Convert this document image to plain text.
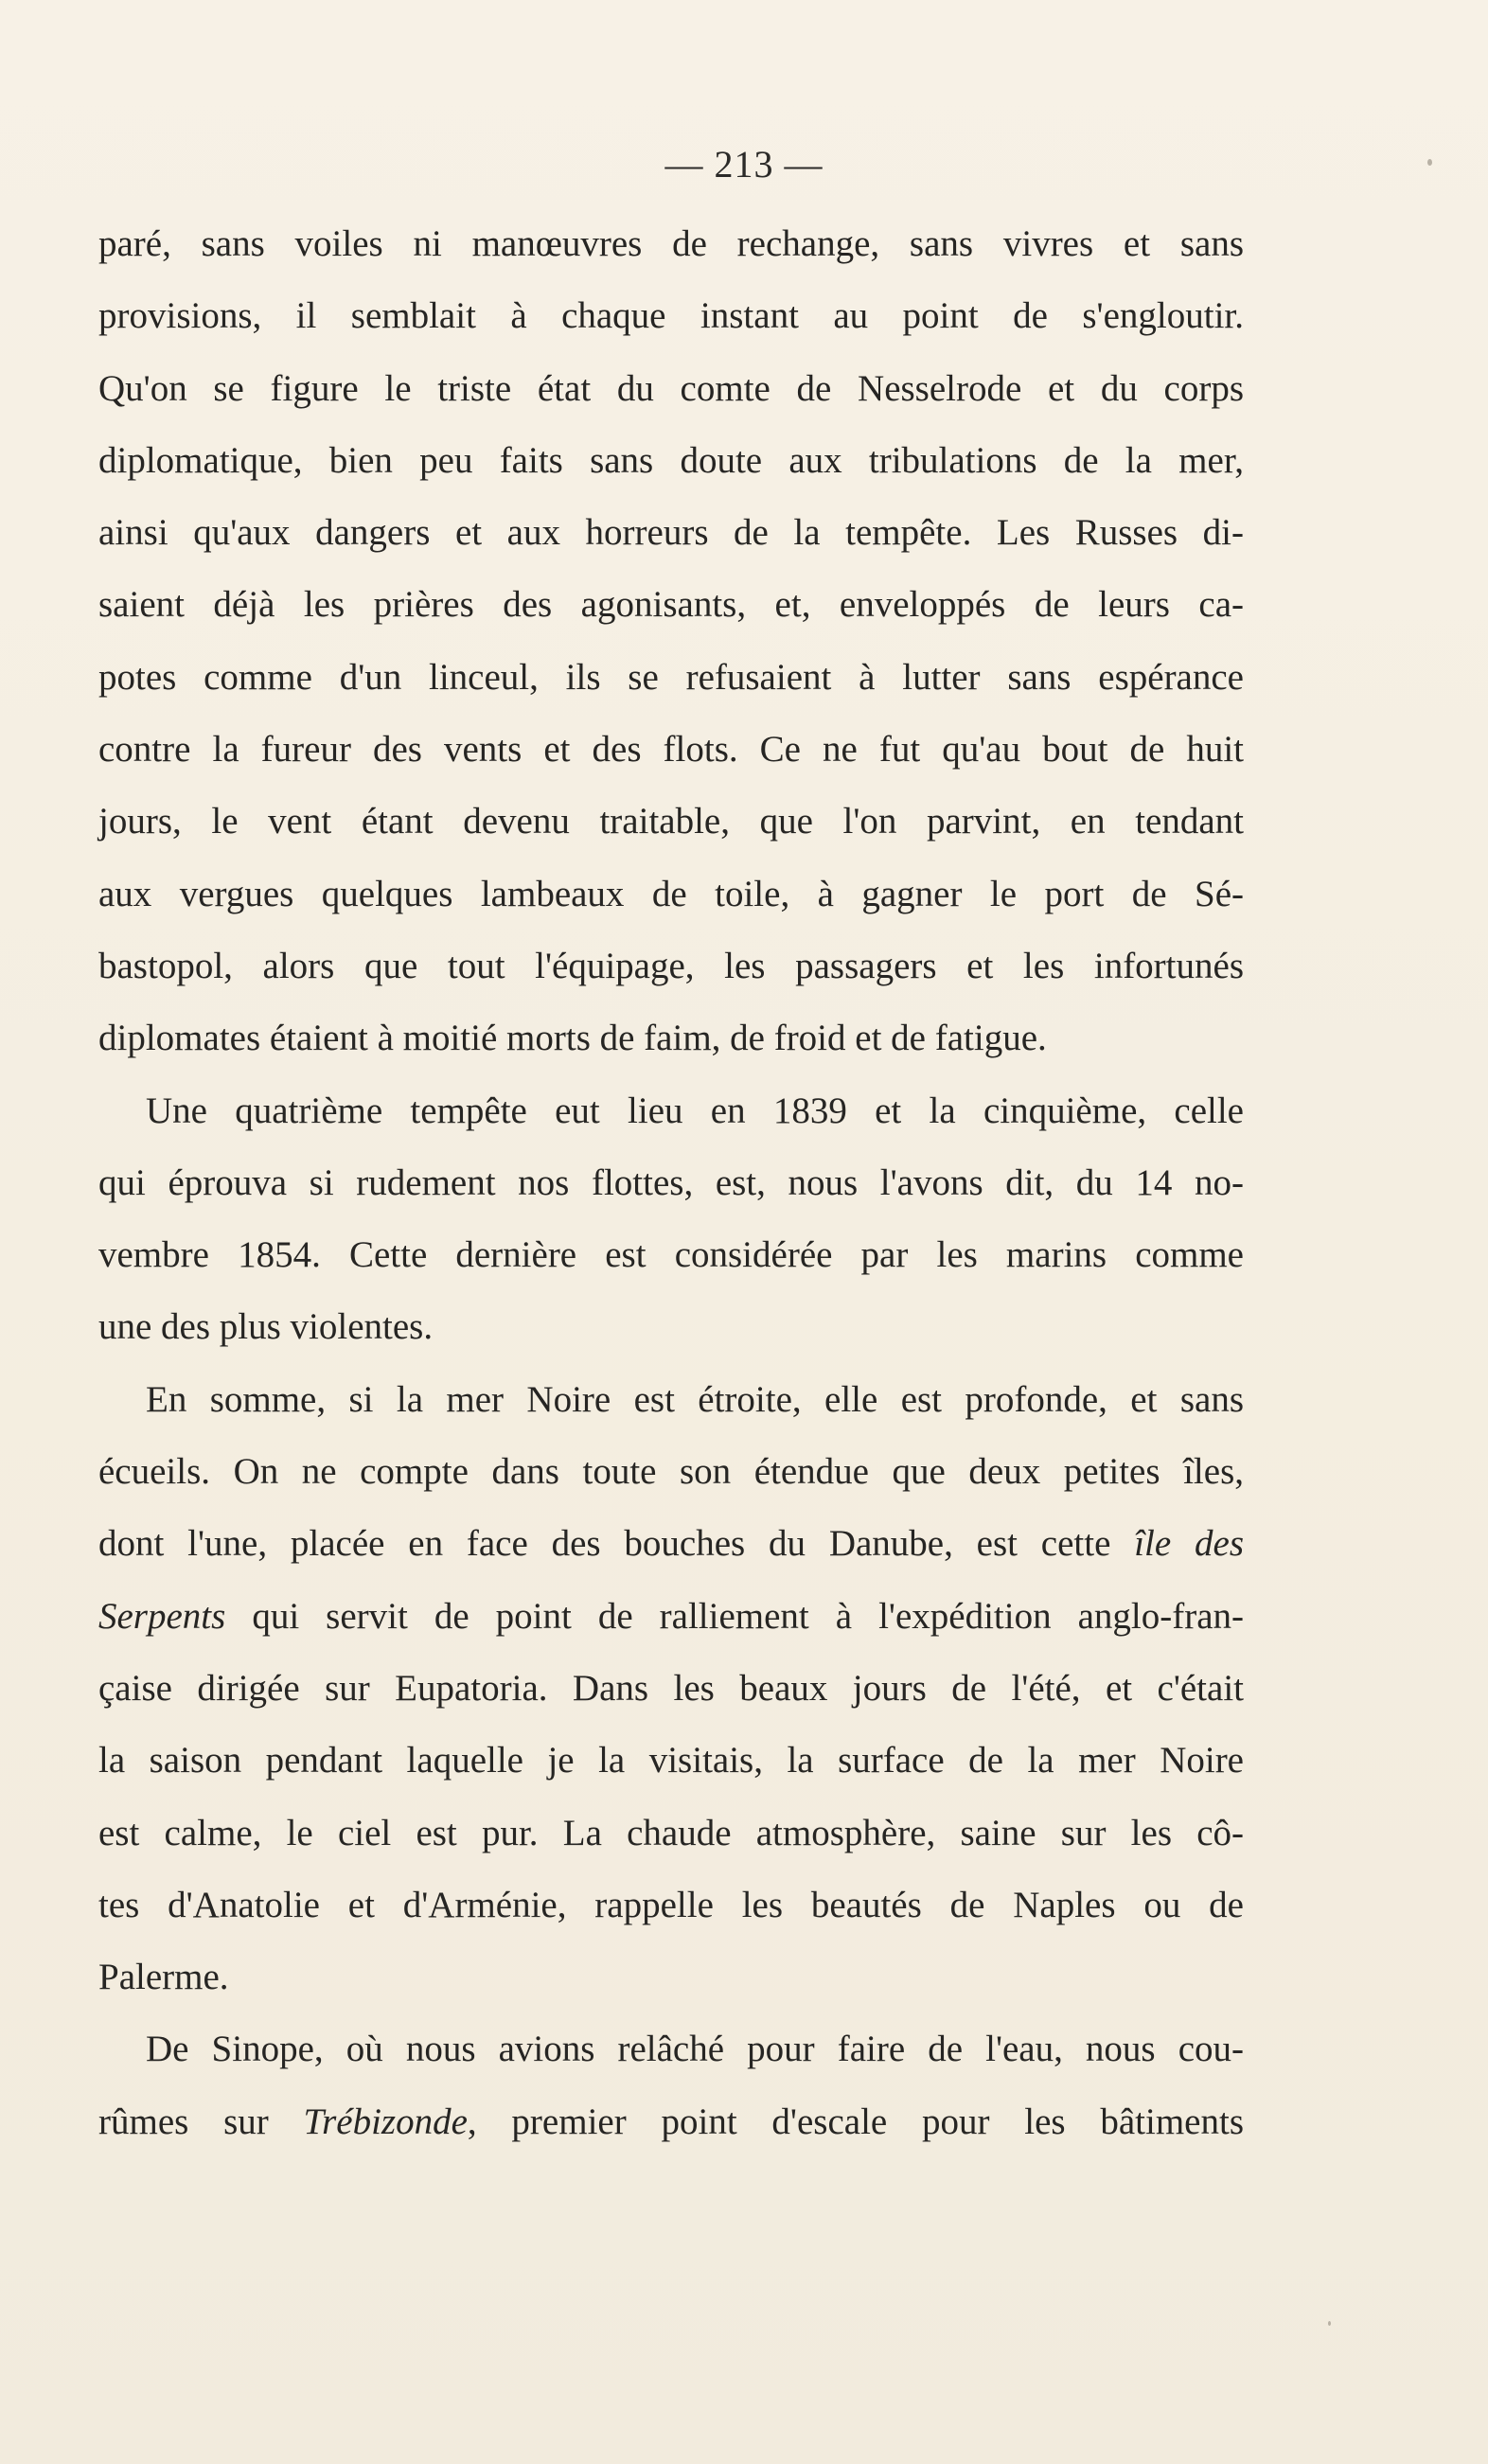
— 213 —
paré, sans voiles ni manœuvres de rechange, sans vivres et sans
provisions, il semblait à chaque instant au point de s'engloutir.
Qu'on se figure le triste état du comte de Nesselrode et du corps
diplomatique, bien peu faits sans doute aux tribulations de la mer,
ainsi qu'aux dangers et aux horreurs de la tempête. Les Russes di-
saient déjà les prières des agonisants, et, enveloppés de leurs ca-
potes comme d'un linceul, ils se refusaient à lutter sans espérance
contre la fureur des vents et des flots. Ce ne fut qu'au bout de huit
jours, le vent étant devenu traitable, que l'on parvint, en tendant
aux vergues quelques lambeaux de toile, à gagner le port de Sé-
bastopol, alors que tout l'équipage, les passagers et les infortunés
diplomates étaient à moitié morts de faim, de froid et de fatigue.
Une quatrième tempête eut lieu en 1839 et la cinquième, celle
qui éprouva si rudement nos flottes, est, nous l'avons dit, du 14 no-
vembre 1854. Cette dernière est considérée par les marins comme
une des plus violentes.
En somme, si la mer Noire est étroite, elle est profonde, et sans
écueils. On ne compte dans toute son étendue que deux petites îles,
dont l'une, placée en face des bouches du Danube, est cette île des
Serpents qui servit de point de ralliement à l'expédition anglo-fran-
çaise dirigée sur Eupatoria. Dans les beaux jours de l'été, et c'était
la saison pendant laquelle je la visitais, la surface de la mer Noire
est calme, le ciel est pur. La chaude atmosphère, saine sur les cô-
tes d'Anatolie et d'Arménie, rappelle les beautés de Naples ou de
Palerme.
De Sinope, où nous avions relâché pour faire de l'eau, nous cou-
rûmes sur Trébizonde, premier point d'escale pour les bâtiments
